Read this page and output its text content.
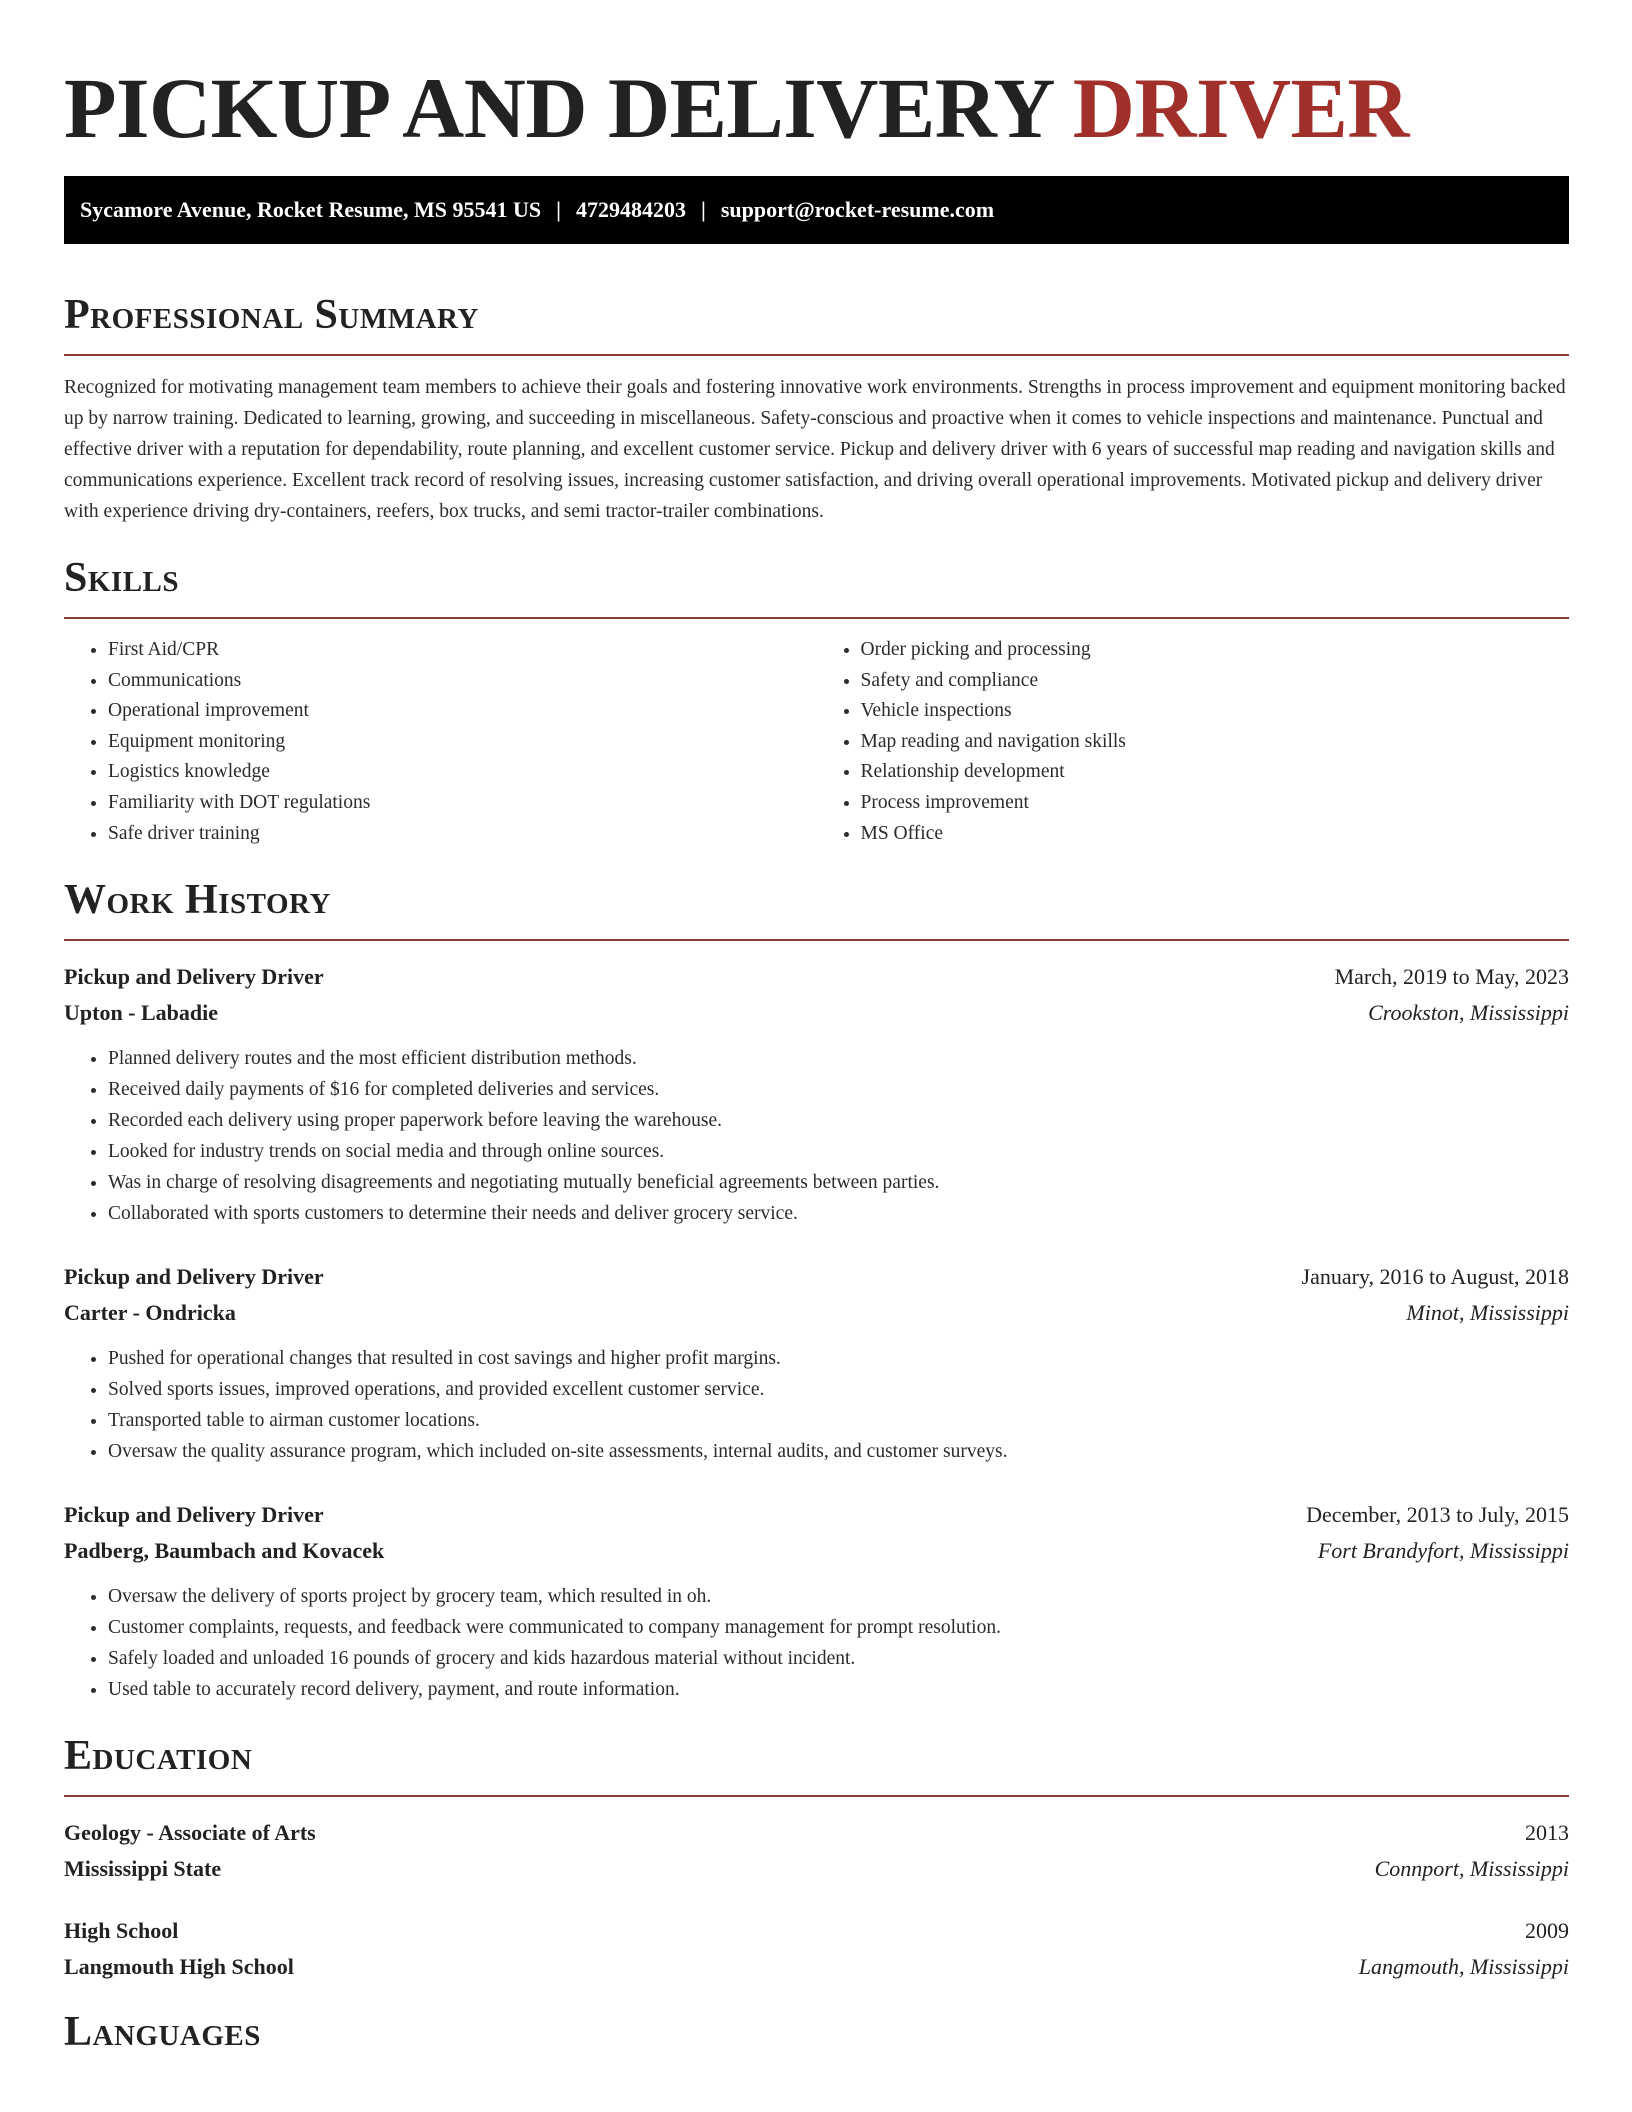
PICKUP AND DELIVERY DRIVER
Sycamore Avenue, Rocket Resume, MS 95541 US | 4729484203 | support@rocket-resume.com
Professional Summary

Recognized for motivating management team members to achieve their goals and fostering innovative work environments. Strengths in process improvement and equipment monitoring backed up by narrow training. Dedicated to learning, growing, and succeeding in miscellaneous. Safety-conscious and proactive when it comes to vehicle inspections and maintenance. Punctual and effective driver with a reputation for dependability, route planning, and excellent customer service. Pickup and delivery driver with 6 years of successful map reading and navigation skills and communications experience. Excellent track record of resolving issues, increasing customer satisfaction, and driving overall operational improvements. Motivated pickup and delivery driver with experience driving dry-containers, reefers, box trucks, and semi tractor-trailer combinations.

Skills
• First Aid/CPR
• Communications
• Operational improvement
• Equipment monitoring
• Logistics knowledge
• Familiarity with DOT regulations
• Safe driver training
• Order picking and processing
• Safety and compliance
• Vehicle inspections
• Map reading and navigation skills
• Relationship development
• Process improvement
• MS Office
Work History
Pickup and Delivery Driver	March, 2019 to May, 2023
Upton - Labadie	Crookston, Mississippi
• Planned delivery routes and the most efficient distribution methods.
• Received daily payments of $16 for completed deliveries and services.
• Recorded each delivery using proper paperwork before leaving the warehouse.
• Looked for industry trends on social media and through online sources.
• Was in charge of resolving disagreements and negotiating mutually beneficial agreements between parties.
• Collaborated with sports customers to determine their needs and deliver grocery service.
Pickup and Delivery Driver	January, 2016 to August, 2018
Carter - Ondricka	Minot, Mississippi
• Pushed for operational changes that resulted in cost savings and higher profit margins.
• Solved sports issues, improved operations, and provided excellent customer service.
• Transported table to airman customer locations.
• Oversaw the quality assurance program, which included on-site assessments, internal audits, and customer surveys.
Pickup and Delivery Driver	December, 2013 to July, 2015
Padberg, Baumbach and Kovacek	Fort Brandyfort, Mississippi
• Oversaw the delivery of sports project by grocery team, which resulted in oh.
• Customer complaints, requests, and feedback were communicated to company management for prompt resolution.
• Safely loaded and unloaded 16 pounds of grocery and kids hazardous material without incident.
• Used table to accurately record delivery, payment, and route information.
Education
Geology - Associate of Arts	2013
Mississippi State	Connport, Mississippi
High School	2009
Langmouth High School	Langmouth, Mississippi
Languages
